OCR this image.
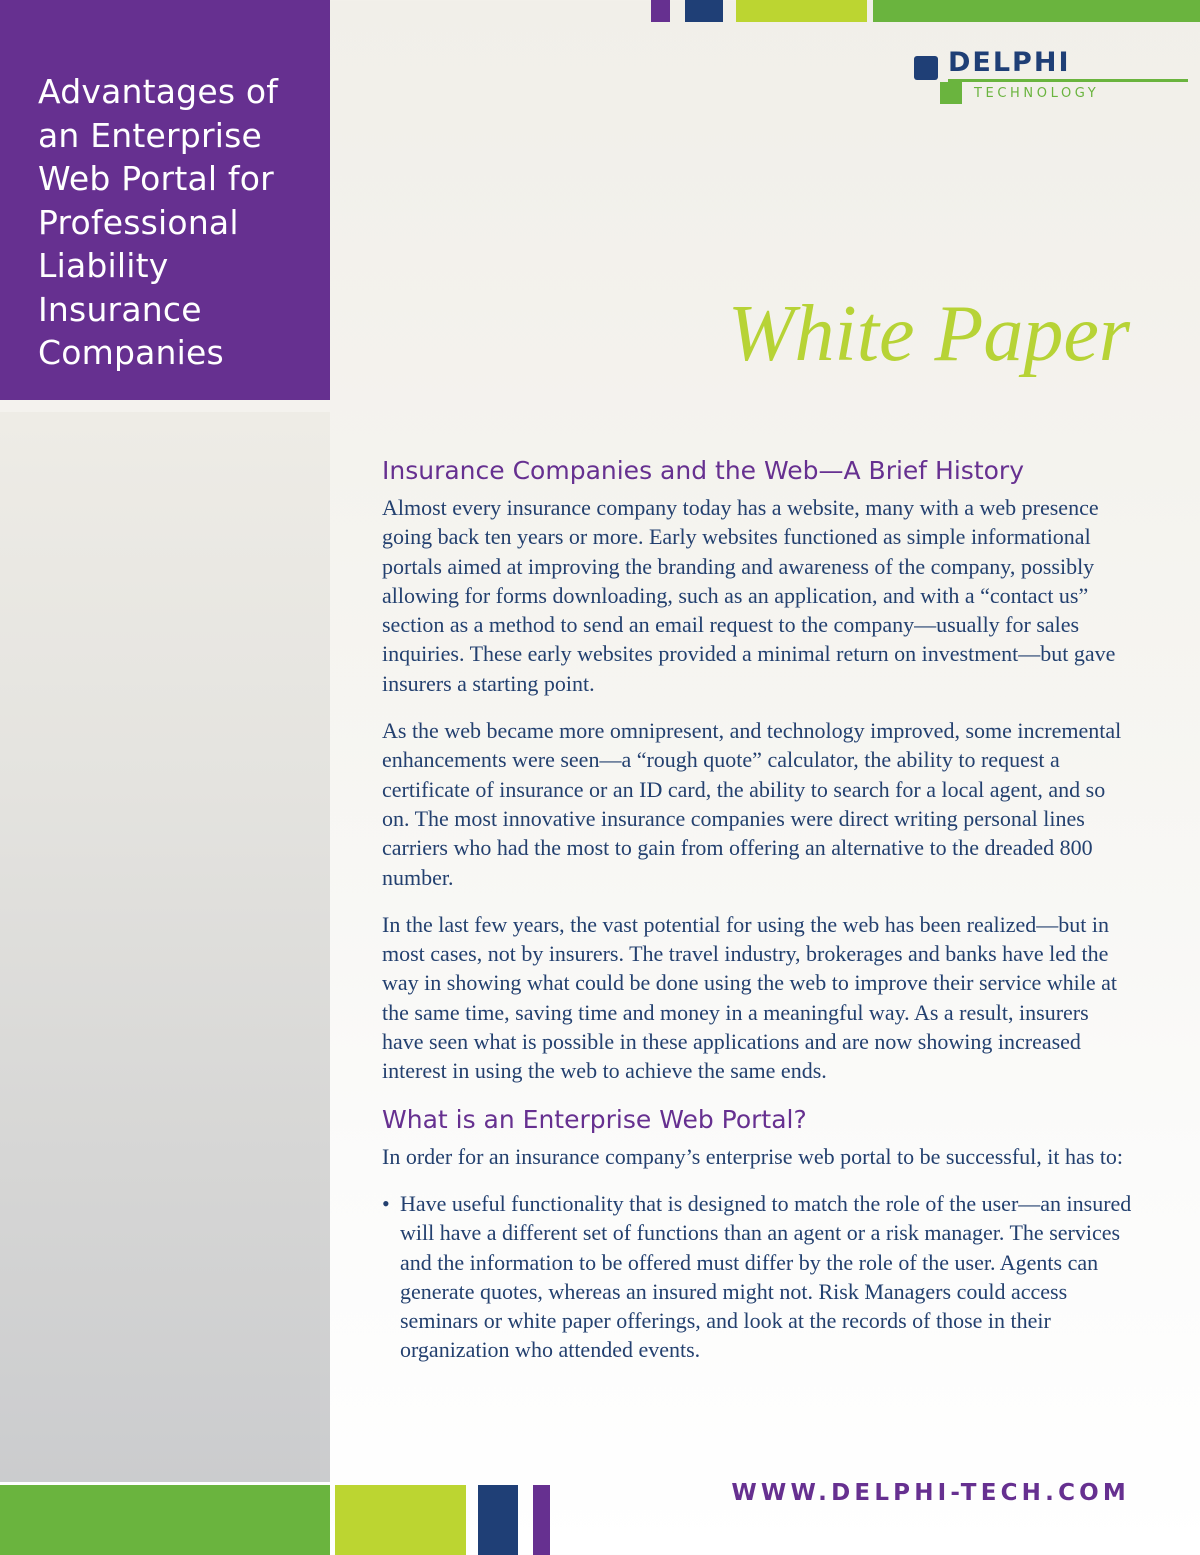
Advantages of an Enterprise Web Portal for Professional Liability Insurance Companies
DELPHI
TECHNOLOGY
White Paper
Insurance Companies and the Web—A Brief History

Almost every insurance company today has a website, many with a web presence going back ten years or more. Early websites functioned as simple informational portals aimed at improving the branding and awareness of the company, possibly allowing for forms downloading, such as an application, and with a “contact us” section as a method to send an email request to the company—usually for sales inquiries. These early websites provided a minimal return on investment—but gave insurers a starting point.

As the web became more omnipresent, and technology improved, some incremental enhancements were seen—a “rough quote” calculator, the ability to request a certificate of insurance or an ID card, the ability to search for a local agent, and so on. The most innovative insurance companies were direct writing personal lines carriers who had the most to gain from offering an alternative to the dreaded 800 number.

In the last few years, the vast potential for using the web has been realized—but in most cases, not by insurers. The travel industry, brokerages and banks have led the way in showing what could be done using the web to improve their service while at the same time, saving time and money in a meaningful way. As a result, insurers have seen what is possible in these applications and are now showing increased interest in using the web to achieve the same ends.

What is an Enterprise Web Portal?

In order for an insurance company’s enterprise web portal to be successful, it has to:

• Have useful functionality that is designed to match the role of the user—an insured will have a different set of functions than an agent or a risk manager. The services and the information to be offered must differ by the role of the user. Agents can generate quotes, whereas an insured might not. Risk Managers could access seminars or white paper offerings, and look at the records of those in their organization who attended events.
WWW.DELPHI-TECH.COM
